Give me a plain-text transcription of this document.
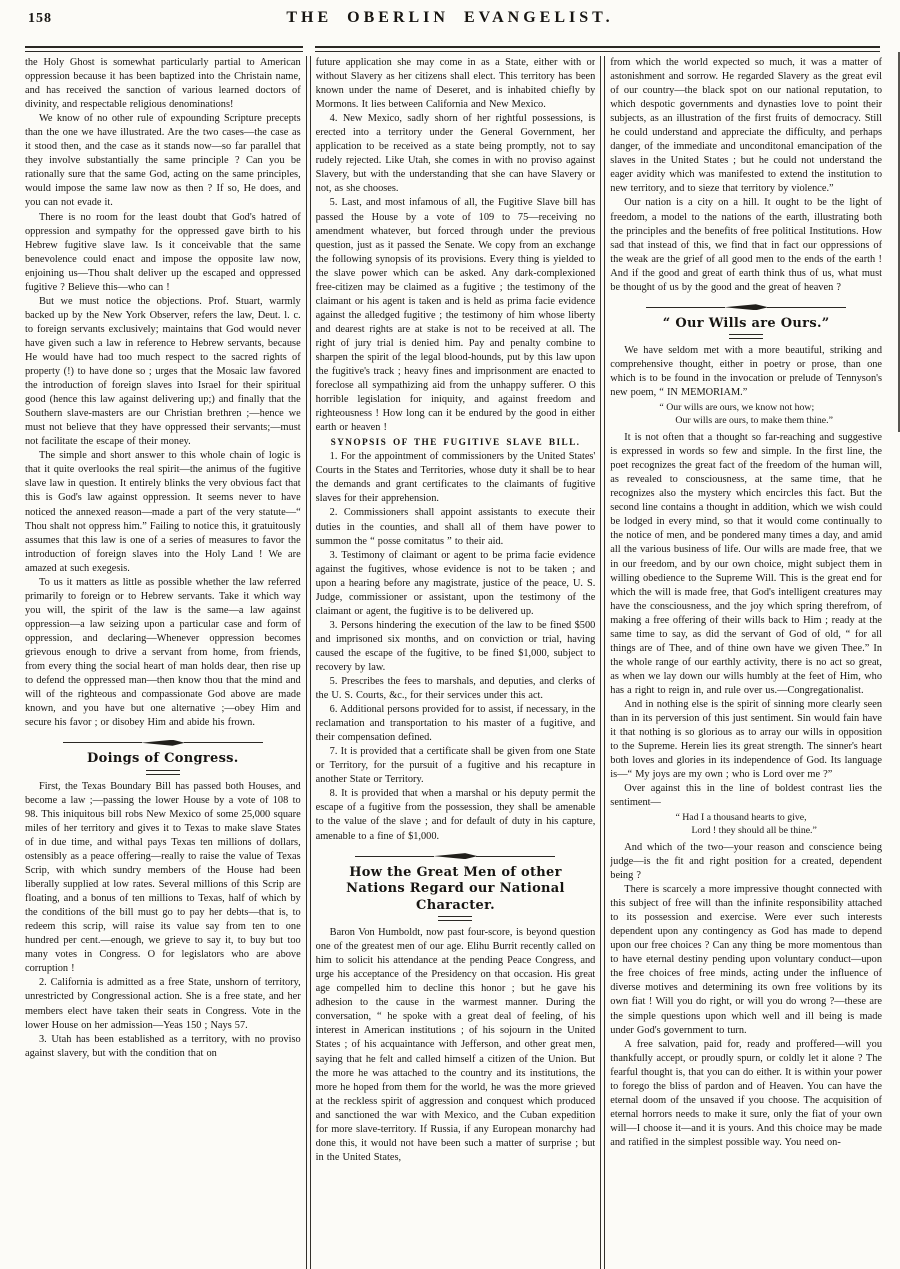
158	THE OBERLIN EVANGELIST.

the Holy Ghost is somewhat particularly partial to American oppression because it has been baptized into the Christain name, and has received the sanction of various learned doctors of divinity, and respectable religious denominations!

We know of no other rule of expounding Scripture precepts than the one we have illustrated. Are the two cases—the case as it stood then, and the case as it stands now—so far parallel that they involve substantially the same principle ? Can you be rationally sure that the same God, acting on the same principles, would impose the same law now as then ? If so, He does, and you can not evade it.

There is no room for the least doubt that God's hatred of oppression and sympathy for the oppressed gave birth to his Hebrew fugitive slave law. Is it conceivable that the same benevolence could enact and impose the opposite law now, enjoining us—Thou shalt deliver up the escaped and oppressed fugitive ? Believe this—who can !

But we must notice the objections. Prof. Stuart, warmly backed up by the New York Observer, refers the law, Deut. l. c. to foreign servants exclusively; maintains that God would never have given such a law in reference to Hebrew servants, because He would have had too much respect to the sacred rights of property (!) to have done so ; urges that the Mosaic law favored the introduction of foreign slaves into Israel for their spiritual good (hence this law against delivering up;) and finally that the Southern slave-masters are our Christian brethren ;—hence we must not believe that they have oppressed their servants;—must not facilitate the escape of their money.

The simple and short answer to this whole chain of logic is that it quite overlooks the real spirit—the animus of the fugitive slave law in question. It entirely blinks the very obvious fact that this is God's law against oppression. It seems never to have noticed the annexed reason—made a part of the very statute—“ Thou shalt not oppress him.” Failing to notice this, it gratuitously assumes that this law is one of a series of measures to favor the introduction of foreign slaves into the Holy Land ! We are amazed at such exegesis.

To us it matters as little as possible whether the law referred primarily to foreign or to Hebrew servants. Take it which way you will, the spirit of the law is the same—a law against oppression—a law seizing upon a particular case and form of oppression, and declaring—Whenever oppression becomes grievous enough to drive a servant from home, from friends, from every thing the social heart of man holds dear, then rise up to defend the oppressed man—then know thou that the mind and will of the righteous and compassionate God above are made known, and you have but one alternative ;—obey Him and secure his favor ; or disobey Him and abide his frown.

Doings of Congress.

First, the Texas Boundary Bill has passed both Houses, and become a law ;—passing the lower House by a vote of 108 to 98. This iniquitous bill robs New Mexico of some 25,000 square miles of her territory and gives it to Texas to make slave States of in due time, and withal pays Texas ten millions of dollars, ostensibly as a peace offering—really to raise the value of Texas Scrip, with which sundry members of the House had been liberally supplied at low rates. Several millions of this Scrip are floating, and a bonus of ten millions to Texas, half of which by the conditions of the bill must go to pay her debts—that is, to redeem this scrip, will raise its value say from ten to one hundred per cent.—enough, we grieve to say it, to buy but too many votes in Congress. O for legislators who are above corruption !

2. California is admitted as a free State, unshorn of territory, unrestricted by Congressional action. She is a free state, and her members elect have taken their seats in Congress. Vote in the lower House on her admission—Yeas 150 ; Nays 57.

3. Utah has been established as a territory, with no proviso against slavery, but with the condition that on

future application she may come in as a State, either with or without Slavery as her citizens shall elect. This territory has been known under the name of Deseret, and is inhabited chiefly by Mormons. It lies between California and New Mexico.

4. New Mexico, sadly shorn of her rightful possessions, is erected into a territory under the General Government, her application to be received as a state being promptly, not to say rudely rejected. Like Utah, she comes in with no proviso against Slavery, but with the understanding that she can have Slavery or not, as she chooses.

5. Last, and most infamous of all, the Fugitive Slave bill has passed the House by a vote of 109 to 75—receiving no amendment whatever, but forced through under the previous question, just as it passed the Senate. We copy from an exchange the following synopsis of its provisions. Every thing is yielded to the slave power which can be asked. Any dark-complexioned free-citizen may be claimed as a fugitive ; the testimony of the claimant or his agent is taken and is held as prima facie evidence against the alledged fugitive ; the testimony of him whose liberty and dearest rights are at stake is not to be received at all. The right of jury trial is denied him. Pay and penalty combine to sharpen the spirit of the legal blood-hounds, put by this law upon the fugitive's track ; heavy fines and imprisonment are enacted to foreclose all sympathizing aid from the unhappy sufferer. O this horrible legislation for iniquity, and against freedom and righteousness ! How long can it be endured by the good in either earth or heaven !

SYNOPSIS OF THE FUGITIVE SLAVE BILL.

1. For the appointment of commissioners by the United States' Courts in the States and Territories, whose duty it shall be to hear the demands and grant certificates to the claimants of fugitive slaves for their apprehension.

2. Commissioners shall appoint assistants to execute their duties in the counties, and shall all of them have power to summon the “ posse comitatus ” to their aid.

3. Testimony of claimant or agent to be prima facie evidence against the fugitives, whose evidence is not to be taken ; and upon a hearing before any magistrate, justice of the peace, U. S. Judge, commissioner or assistant, upon the testimony of the claimant or agent, the fugitive is to be delivered up.

3. Persons hindering the execution of the law to be fined $500 and imprisoned six months, and on conviction or trial, having caused the escape of the fugitive, to be fined $1,000, subject to recovery by law.

5. Prescribes the fees to marshals, and deputies, and clerks of the U. S. Courts, &c., for their services under this act.

6. Additional persons provided for to assist, if necessary, in the reclamation and transportation to his master of a fugitive, and their compensation defined.

7. It is provided that a certificate shall be given from one State or Territory, for the pursuit of a fugitive and his recapture in another State or Territory.

8. It is provided that when a marshal or his deputy permit the escape of a fugitive from the possession, they shall be amenable to the value of the slave ; and for default of duty in his capture, amenable to a fine of $1,000.

How the Great Men of other Nations Regard our National Character.

Baron Von Humboldt, now past four-score, is beyond question one of the greatest men of our age. Elihu Burrit recently called on him to solicit his attendance at the pending Peace Congress, and urge his acceptance of the Presidency on that occasion. His great age compelled him to decline this honor ; but he gave his adhesion to the cause in the warmest manner. During the conversation, “ he spoke with a great deal of feeling, of his interest in American institutions ; of his sojourn in the United States ; of his acquaintance with Jefferson, and other great men, saying that he felt and called himself a citizen of the Union. But the more he was attached to the country and its institutions, the more he hoped from them for the world, he was the more grieved at the reckless spirit of aggression and conquest which produced and sanctioned the war with Mexico, and the Cuban expedition for more slave-territory. If Russia, if any European monarchy had done this, it would not have been such a matter of surprise ; but in the United States,

from which the world expected so much, it was a matter of astonishment and sorrow. He regarded Slavery as the great evil of our country—the black spot on our national reputation, to which despotic governments and dynasties love to point their subjects, as an illustration of the first fruits of democracy. Still he could understand and appreciate the difficulty, and perhaps danger, of the immediate and unconditonal emancipation of the slaves in the United States ; but he could not understand the eager avidity which was manifested to extend the institution to new territory, and to sieze that territory by violence.”

Our nation is a city on a hill. It ought to be the light of freedom, a model to the nations of the earth, illustrating both the principles and the benefits of free political Institutions. How sad that instead of this, we find that in fact our oppressions of the weak are the grief of all good men to the ends of the earth ! And if the good and great of earth think thus of us, what must be thought of us by the good and the great of heaven ?

“ Our Wills are Ours.”

We have seldom met with a more beautiful, striking and comprehensive thought, either in poetry or prose, than one which is to be found in the invocation or prelude of Tennyson's new poem, “ IN MEMORIAM.”

“ Our wills are ours, we know not how;
Our wills are ours, to make them thine.”

It is not often that a thought so far-reaching and suggestive is expressed in words so few and simple. In the first line, the poet recognizes the great fact of the freedom of the human will, as revealed to consciousness, at the same time, that he recognizes also the mystery which encircles this fact. But the second line contains a thought in addition, which we wish could be lodged in every mind, so that it would come continually to the notice of men, and be pondered many times a day, and amid all the various business of life. Our wills are made free, that we in our freedom, and by our own choice, might subject them in willing obedience to the Supreme Will. This is the great end for which the will is made free, that God's intelligent creatures may have the consciousness, and the joy which spring therefrom, of making a free offering of their wills back to Him ; ready at the same time to say, as did the servant of God of old, “ for all things are of Thee, and of thine own have we given Thee.” In the whole range of our earthly activity, there is no act so great, as when we lay down our wills humbly at the feet of Him, who has a right to reign in, and rule over us.—Congregationalist.

And in nothing else is the spirit of sinning more clearly seen than in its perversion of this just sentiment. Sin would fain have it that nothing is so glorious as to array our wills in opposition to the Supreme. Herein lies its great strength. The sinner's heart both loves and glories in its independence of God. Its language is—“ My joys are my own ; who is Lord over me ?”

Over against this in the line of boldest contrast lies the sentiment—

“ Had I a thousand hearts to give,
Lord ! they should all be thine.”

And which of the two—your reason and conscience being judge—is the fit and right position for a created, dependent being ?

There is scarcely a more impressive thought connected with this subject of free will than the infinite responsibility attached to its possession and exercise. Were ever such interests dependent upon any contingency as God has made to depend upon our free choices ? Can any thing be more momentous than to have eternal destiny pending upon voluntary conduct—upon the free choices of free minds, acting under the influence of diverse motives and determining its own free volitions by its own fiat ! Will you do right, or will you do wrong ?—these are the simple questions upon which well and ill being is made under God's government to turn.

A free salvation, paid for, ready and proffered—will you thankfully accept, or proudly spurn, or coldly let it alone ? The fearful thought is, that you can do either. It is within your power to forego the bliss of pardon and of Heaven. You can have the eternal doom of the unsaved if you choose. The acquisition of eternal horrors needs to make it sure, only the fiat of your own will—I choose it—and it is yours. And this choice may be made and ratified in the simplest possible way. You need on-
